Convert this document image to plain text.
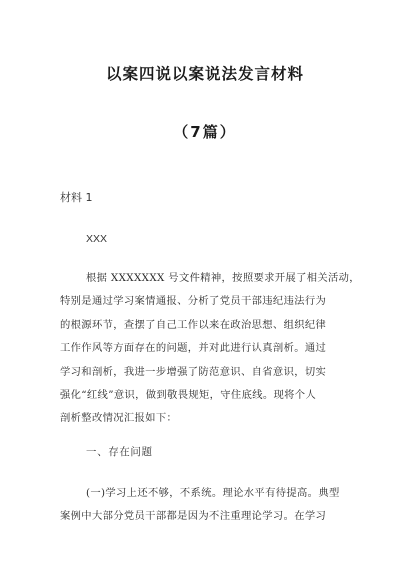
以案四说以案说法发言材料
（7篇）
材料 1
XXX
根据 XXXXXXX 号文件精神，按照要求开展了相关活动，
特别是通过学习案情通报、分析了党员干部违纪违法行为
的根源环节，查摆了自己工作以来在政治思想、组织纪律
工作作风等方面存在的问题，并对此进行认真剖析。通过
学习和剖析，我进一步增强了防范意识、自省意识，切实
强化“红线”意识，做到敬畏规矩，守住底线。现将个人
剖析整改情况汇报如下：
一、存在问题
(一)学习上还不够，不系统。理论水平有待提高。典型
案例中大部分党员干部都是因为不注重理论学习。在学习
